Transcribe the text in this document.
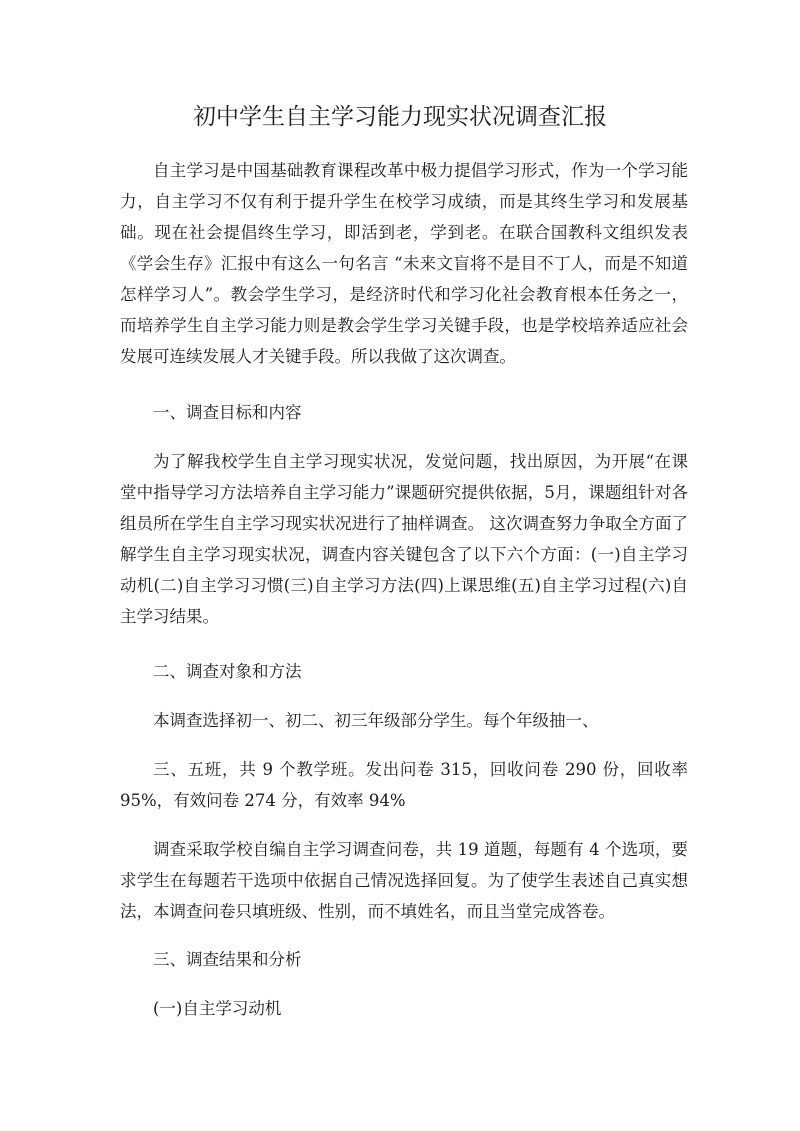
初中学生自主学习能力现实状况调查汇报

自主学习是中国基础教育课程改革中极力提倡学习形式，作为一个学习能力，自主学习不仅有利于提升学生在校学习成绩，而是其终生学习和发展基础。现在社会提倡终生学习，即活到老，学到老。在联合国教科文组织发表《学会生存》汇报中有这么一句名言 “未来文盲将不是目不丁人，而是不知道怎样学习人”。教会学生学习，是经济时代和学习化社会教育根本任务之一，而培养学生自主学习能力则是教会学生学习关键手段，也是学校培养适应社会发展可连续发展人才关键手段。所以我做了这次调查。

一、调查目标和内容

为了解我校学生自主学习现实状况，发觉问题，找出原因，为开展“在课堂中指导学习方法培养自主学习能力”课题研究提供依据，5月，课题组针对各组员所在学生自主学习现实状况进行了抽样调查。 这次调查努力争取全方面了解学生自主学习现实状况，调查内容关键包含了以下六个方面：(一)自主学习动机(二)自主学习习惯(三)自主学习方法(四)上课思维(五)自主学习过程(六)自主学习结果。

二、调查对象和方法

本调查选择初一、初二、初三年级部分学生。每个年级抽一、

三、五班，共 9 个教学班。发出问卷 315，回收问卷 290 份，回收率 95%，有效问卷 274 分，有效率 94%

调查采取学校自编自主学习调查问卷，共 19 道题，每题有 4 个选项，要求学生在每题若干选项中依据自己情况选择回复。为了使学生表述自己真实想法，本调查问卷只填班级、性别，而不填姓名，而且当堂完成答卷。

三、调查结果和分析

(一)自主学习动机
